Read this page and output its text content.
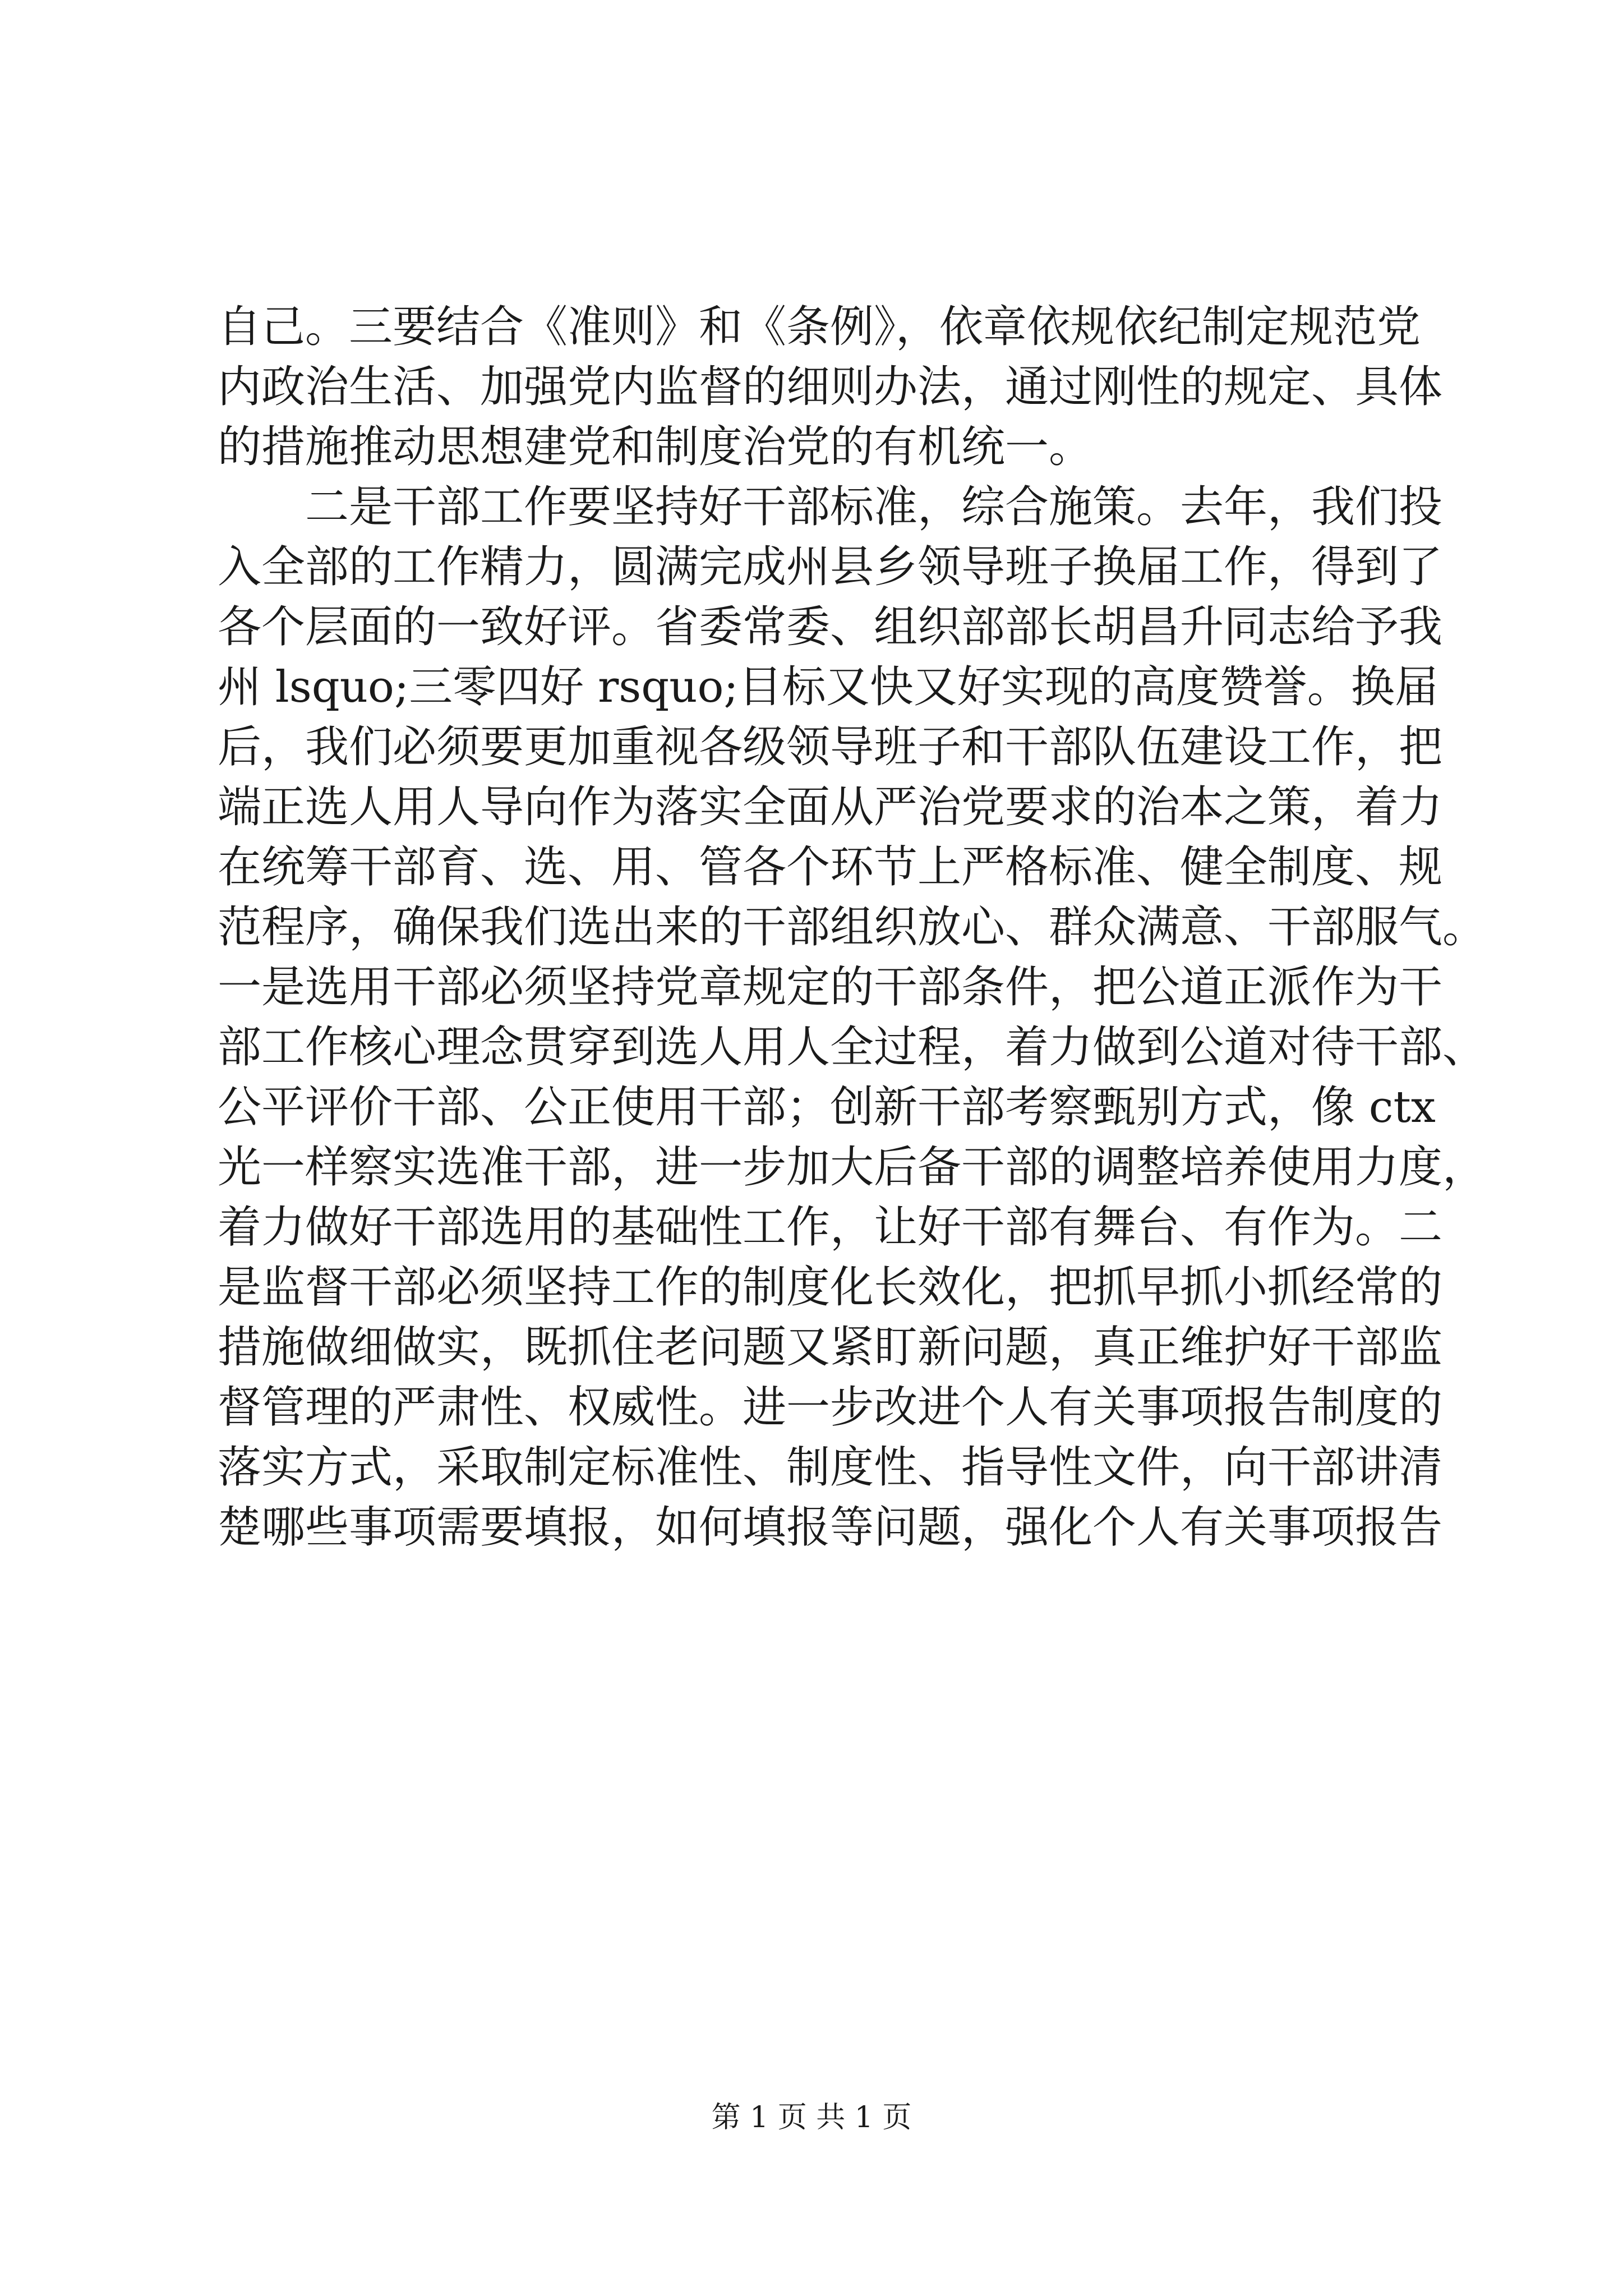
自己。三要结合《准则》和《条例》，依章依规依纪制定规范党
内政治生活、加强党内监督的细则办法，通过刚性的规定、具体
的措施推动思想建党和制度治党的有机统一。
二是干部工作要坚持好干部标准，综合施策。去年，我们投
入全部的工作精力，圆满完成州县乡领导班子换届工作，得到了
各个层面的一致好评。省委常委、组织部部长胡昌升同志给予我
州 lsquo;三零四好 rsquo;目标又快又好实现的高度赞誉。换届
后，我们必须要更加重视各级领导班子和干部队伍建设工作，把
端正选人用人导向作为落实全面从严治党要求的治本之策，着力
在统筹干部育、选、用、管各个环节上严格标准、健全制度、规
范程序，确保我们选出来的干部组织放心、群众满意、干部服气。
一是选用干部必须坚持党章规定的干部条件，把公道正派作为干
部工作核心理念贯穿到选人用人全过程，着力做到公道对待干部、
公平评价干部、公正使用干部；创新干部考察甄别方式，像 ctx
光一样察实选准干部，进一步加大后备干部的调整培养使用力度，
着力做好干部选用的基础性工作，让好干部有舞台、有作为。二
是监督干部必须坚持工作的制度化长效化，把抓早抓小抓经常的
措施做细做实，既抓住老问题又紧盯新问题，真正维护好干部监
督管理的严肃性、权威性。进一步改进个人有关事项报告制度的
落实方式，采取制定标准性、制度性、指导性文件，向干部讲清
楚哪些事项需要填报，如何填报等问题，强化个人有关事项报告
第 1 页 共 1 页
